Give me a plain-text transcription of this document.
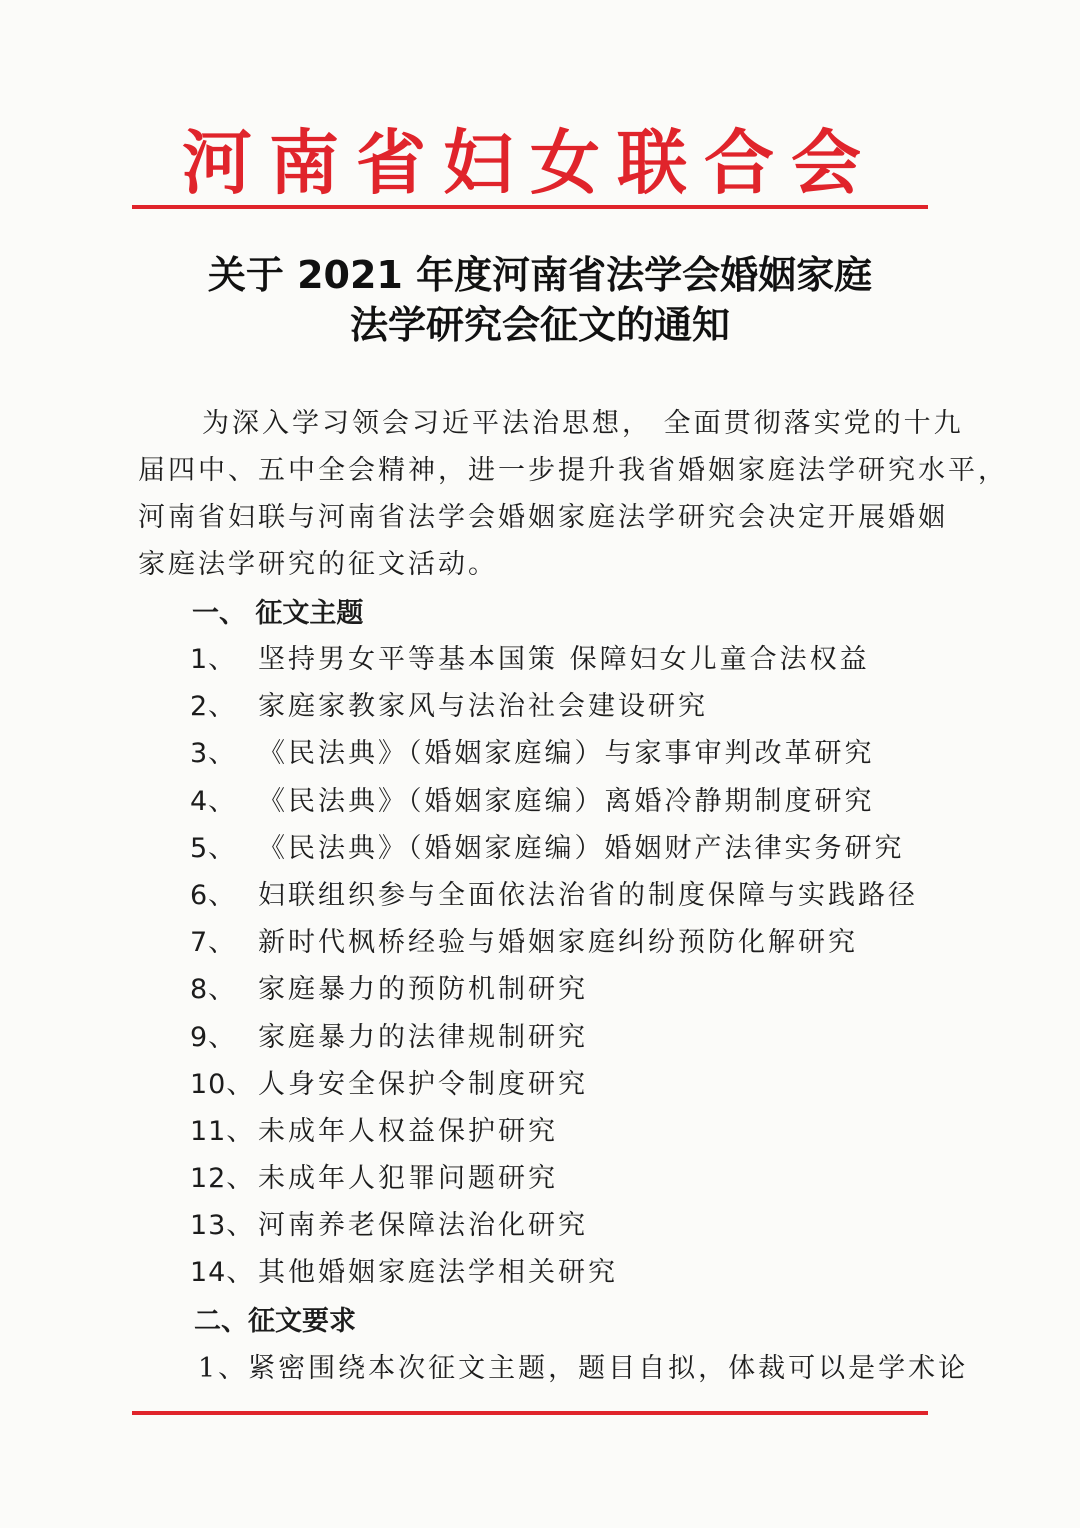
河南省妇女联合会
关于 2021 年度河南省法学会婚姻家庭
法学研究会征文的通知
为深入学习领会习近平法治思想， 全面贯彻落实党的十九
届四中、五中全会精神，进一步提升我省婚姻家庭法学研究水平，
河南省妇联与河南省法学会婚姻家庭法学研究会决定开展婚姻
家庭法学研究的征文活动。
一、 征文主题
1、 坚持男女平等基本国策 保障妇女儿童合法权益
2、 家庭家教家风与法治社会建设研究
3、 《民法典》（婚姻家庭编）与家事审判改革研究
4、 《民法典》（婚姻家庭编）离婚冷静期制度研究
5、 《民法典》（婚姻家庭编）婚姻财产法律实务研究
6、 妇联组织参与全面依法治省的制度保障与实践路径
7、 新时代枫桥经验与婚姻家庭纠纷预防化解研究
8、 家庭暴力的预防机制研究
9、 家庭暴力的法律规制研究
10、 人身安全保护令制度研究
11、 未成年人权益保护研究
12、 未成年人犯罪问题研究
13、 河南养老保障法治化研究
14、 其他婚姻家庭法学相关研究
二、征文要求
1、紧密围绕本次征文主题，题目自拟，体裁可以是学术论
